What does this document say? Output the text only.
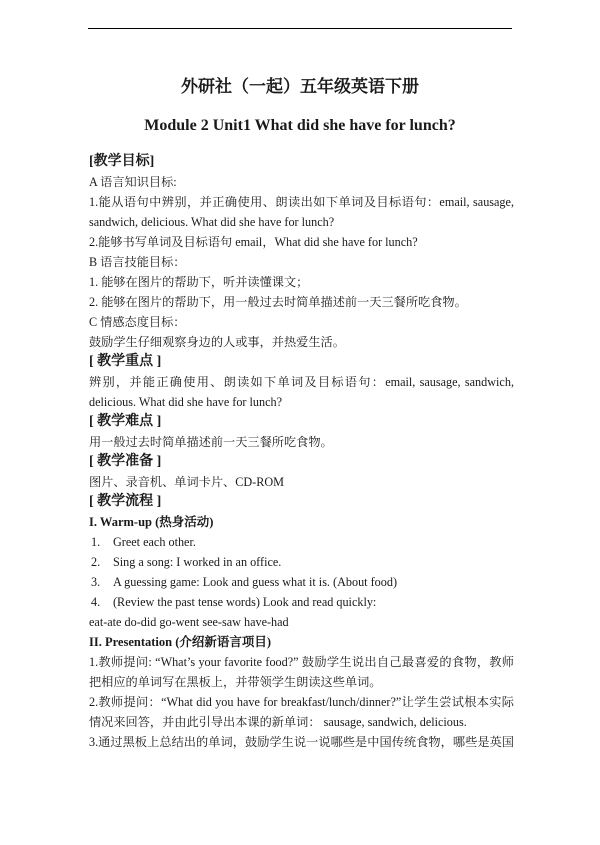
外研社（一起）五年级英语下册
Module 2 Unit1 What did she have for lunch?
[教学目标]
A 语言知识目标:
1.能从语句中辨别，并正确使用、朗读出如下单词及目标语句：email, sausage,
sandwich, delicious. What did she have for lunch?
2.能够书写单词及目标语句 email，What did she have for lunch?
B 语言技能目标：
1. 能够在图片的帮助下，听并读懂课文；
2. 能够在图片的帮助下，用一般过去时简单描述前一天三餐所吃食物。
C 情感态度目标：
鼓励学生仔细观察身边的人或事，并热爱生活。
[ 教学重点 ]
辨别，并能正确使用、朗读如下单词及目标语句：email, sausage, sandwich,
delicious. What did she have for lunch?
[ 教学难点 ]
用一般过去时简单描述前一天三餐所吃食物。
[ 教学准备 ]
图片、录音机、单词卡片、CD-ROM
[ 教学流程 ]
I. Warm-up (热身活动)
1. Greet each other.
2. Sing a song: I worked in an office.
3. A guessing game: Look and guess what it is. (About food)
4. (Review the past tense words) Look and read quickly:
eat-ate do-did go-went see-saw have-had
II. Presentation (介绍新语言项目)
1.教师提问: “What’s your favorite food?” 鼓励学生说出自己最喜爱的食物，教师
把相应的单词写在黑板上，并带领学生朗读这些单词。
2.教师提问：“What did you have for breakfast/lunch/dinner?”让学生尝试根本实际
情况来回答，并由此引导出本课的新单词： sausage, sandwich, delicious.
3.通过黑板上总结出的单词，鼓励学生说一说哪些是中国传统食物，哪些是英国
